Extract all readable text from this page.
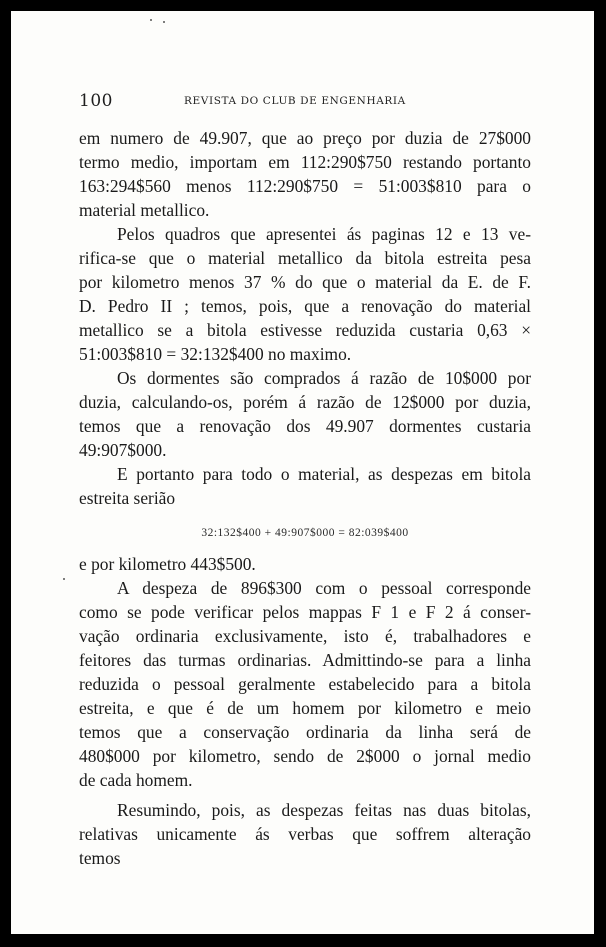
100	REVISTA DO CLUB DE ENGENHARIA

em numero de 49.907, que ao preço por duzia de 27$000
termo medio, importam em 112:290$750 restando portanto
163:294$560 menos 112:290$750 = 51:003$810 para o
material metallico.

Pelos quadros que apresentei ás paginas 12 e 13 ve-
rifica-se que o material metallico da bitola estreita pesa
por kilometro menos 37 % do que o material da E. de F.
D. Pedro II ; temos, pois, que a renovação do material
metallico se a bitola estivesse reduzida custaria 0,63 ×
51:003$810 = 32:132$400 no maximo.

Os dormentes são comprados á razão de 10$000 por
duzia, calculando-os, porém á razão de 12$000 por duzia,
temos que a renovação dos 49.907 dormentes custaria
49:907$000.

E portanto para todo o material, as despezas em bitola
estreita serião

32:132$400 + 49:907$000 = 82:039$400

e por kilometro 443$500.

A despeza de 896$300 com o pessoal corresponde
como se pode verificar pelos mappas F 1 e F 2 á conser-
vação ordinaria exclusivamente, isto é, trabalhadores e
feitores das turmas ordinarias. Admittindo-se para a linha
reduzida o pessoal geralmente estabelecido para a bitola
estreita, e que é de um homem por kilometro e meio
temos que a conservação ordinaria da linha será de
480$000 por kilometro, sendo de 2$000 o jornal medio
de cada homem.

Resumindo, pois, as despezas feitas nas duas bitolas,
relativas unicamente ás verbas que soffrem alteração
temos
